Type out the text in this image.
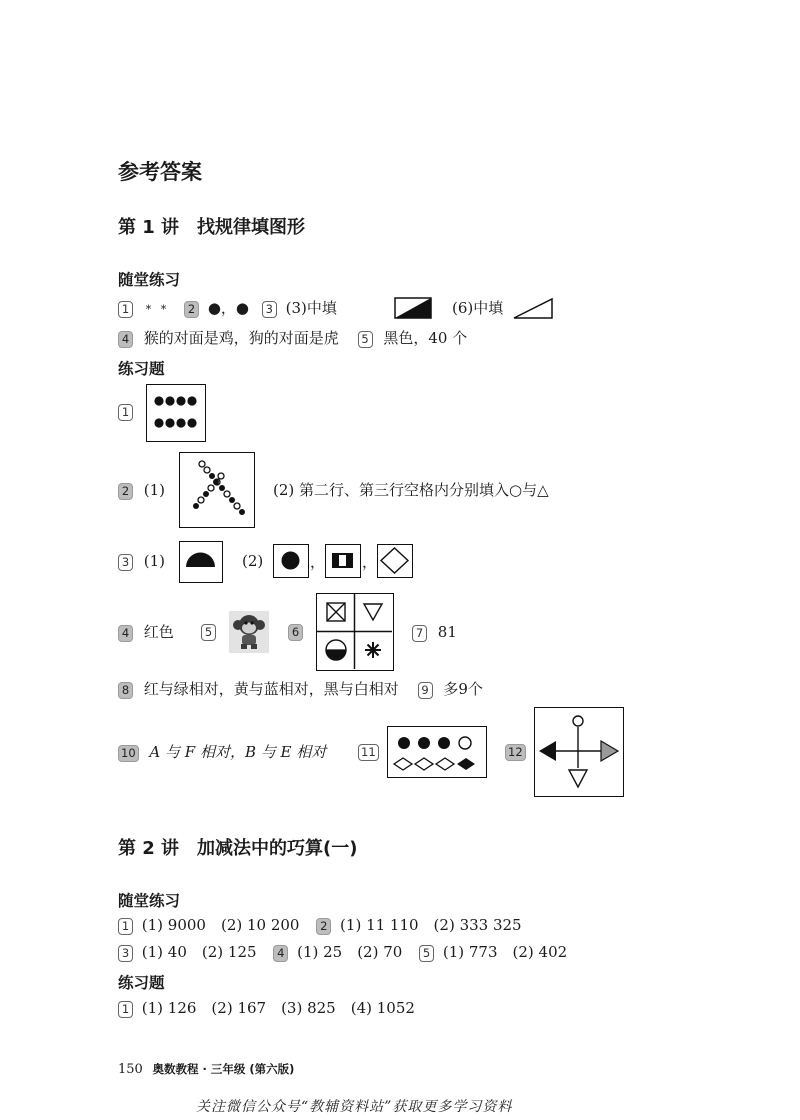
参考答案
第 1 讲　找规律填图形
随堂练习
1 * * 2 ●，● 3 (3)中填	(6)中填
4 猴的对面是鸡，狗的对面是虎 5 黑色，40 个
练习题
1
2 (1)	(2) 第二行、第三行空格内分别填入○与△
3 (1)	(2)	， ，
4 红色	5	6	7 81
8 红与绿相对，黄与蓝相对，黑与白相对 9 多9个
10 A 与 F 相对，B 与 E 相对	11	12
第 2 讲　加减法中的巧算(一)
随堂练习
1 (1) 9000　(2) 10 200 2 (1) 11 110　(2) 333 325
3 (1) 40　(2) 125 4 (1) 25　(2) 70 5 (1) 773　(2) 402
练习题
1 (1) 126　(2) 167　(3) 825　(4) 1052
150 奥数教程 · 三年级 (第六版)
关注微信公众号“教辅资料站”获取更多学习资料
